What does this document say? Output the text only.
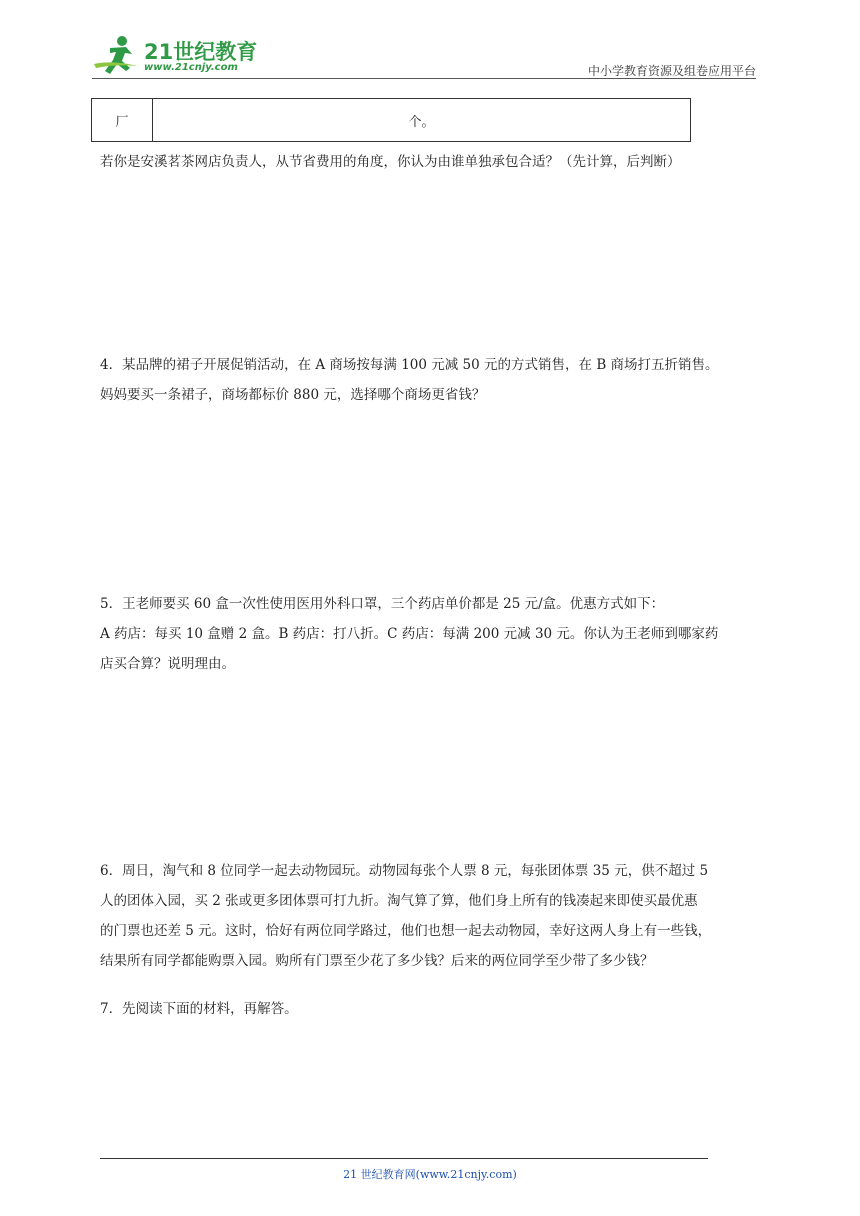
21世纪教育
www.21cnjy.com	中小学教育资源及组卷应用平台
厂	个。

若你是安溪茗茶网店负责人，从节省费用的角度，你认为由谁单独承包合适？（先计算，后判断）

4．某品牌的裙子开展促销活动，在 A 商场按每满 100 元减 50 元的方式销售，在 B 商场打五折销售。

妈妈要买一条裙子，商场都标价 880 元，选择哪个商场更省钱？

5．王老师要买 60 盒一次性使用医用外科口罩，三个药店单价都是 25 元/盒。优惠方式如下：

A 药店：每买 10 盒赠 2 盒。B 药店：打八折。C 药店：每满 200 元减 30 元。你认为王老师到哪家药

店买合算？说明理由。

6．周日，淘气和 8 位同学一起去动物园玩。动物园每张个人票 8 元，每张团体票 35 元，供不超过 5

人的团体入园，买 2 张或更多团体票可打九折。淘气算了算，他们身上所有的钱凑起来即使买最优惠

的门票也还差 5 元。这时，恰好有两位同学路过，他们也想一起去动物园，幸好这两人身上有一些钱，

结果所有同学都能购票入园。购所有门票至少花了多少钱？后来的两位同学至少带了多少钱？

7．先阅读下面的材料，再解答。

21 世纪教育网(www.21cnjy.com)
